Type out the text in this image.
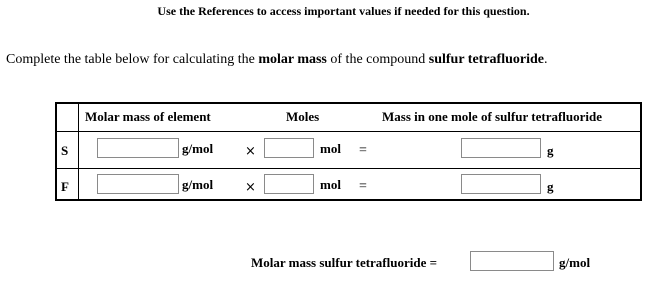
Use the References to access important values if needed for this question.
Complete the table below for calculating the molar mass of the compound sulfur tetrafluoride.
Molar mass of element	Moles	Mass in one mole of sulfur tetrafluoride
S	g/mol ×	mol =	g
F	g/mol ×	mol =	g
Molar mass sulfur tetrafluoride =	g/mol
